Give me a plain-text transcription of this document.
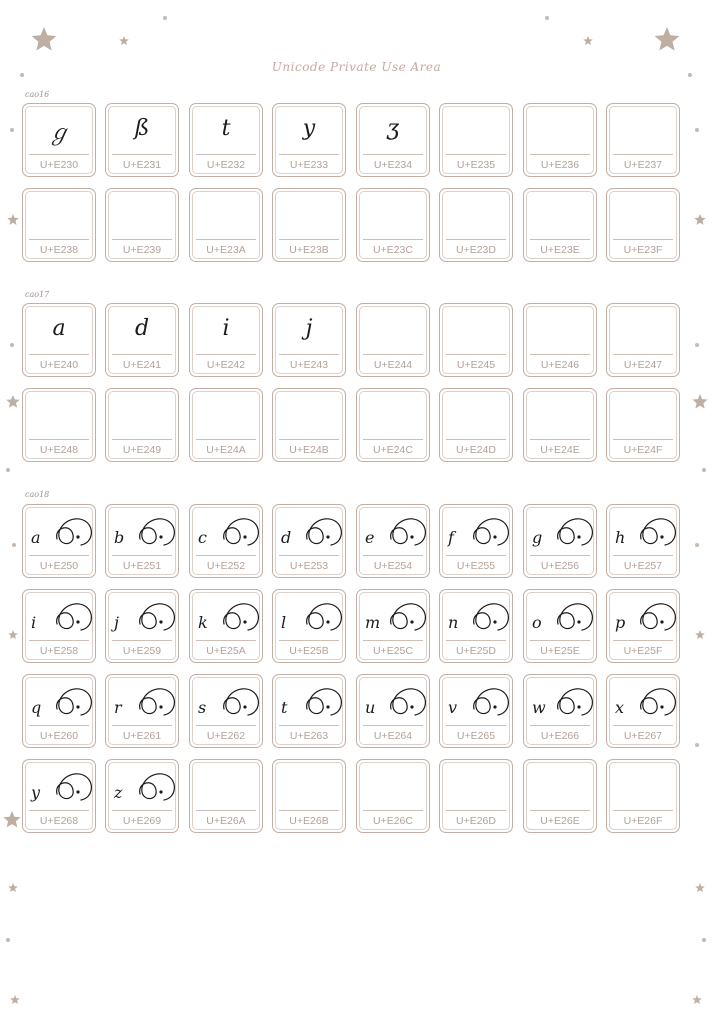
Unicode Private Use Area
cao16
ℊ
U+E230
ß
U+E231
t
U+E232
y
U+E233
ʒ
U+E234	U+E235	U+E236	U+E237
U+E238	U+E239	U+E23A	U+E23B	U+E23C	U+E23D	U+E23E	U+E23F
cao17
a
U+E240
d
U+E241
i
U+E242
j
U+E243	U+E244	U+E245	U+E246	U+E247
U+E248	U+E249	U+E24A	U+E24B	U+E24C	U+E24D	U+E24E	U+E24F
cao18
a
U+E250
b
U+E251
c
U+E252
d
U+E253
e
U+E254
f
U+E255
g
U+E256
h
U+E257
i
U+E258
j
U+E259
k
U+E25A
l
U+E25B
m
U+E25C
n
U+E25D
o
U+E25E
p
U+E25F
q
U+E260
r
U+E261
s
U+E262
t
U+E263
u
U+E264
v
U+E265
w
U+E266
x
U+E267
y
U+E268
z
U+E269	U+E26A	U+E26B	U+E26C	U+E26D	U+E26E	U+E26F
